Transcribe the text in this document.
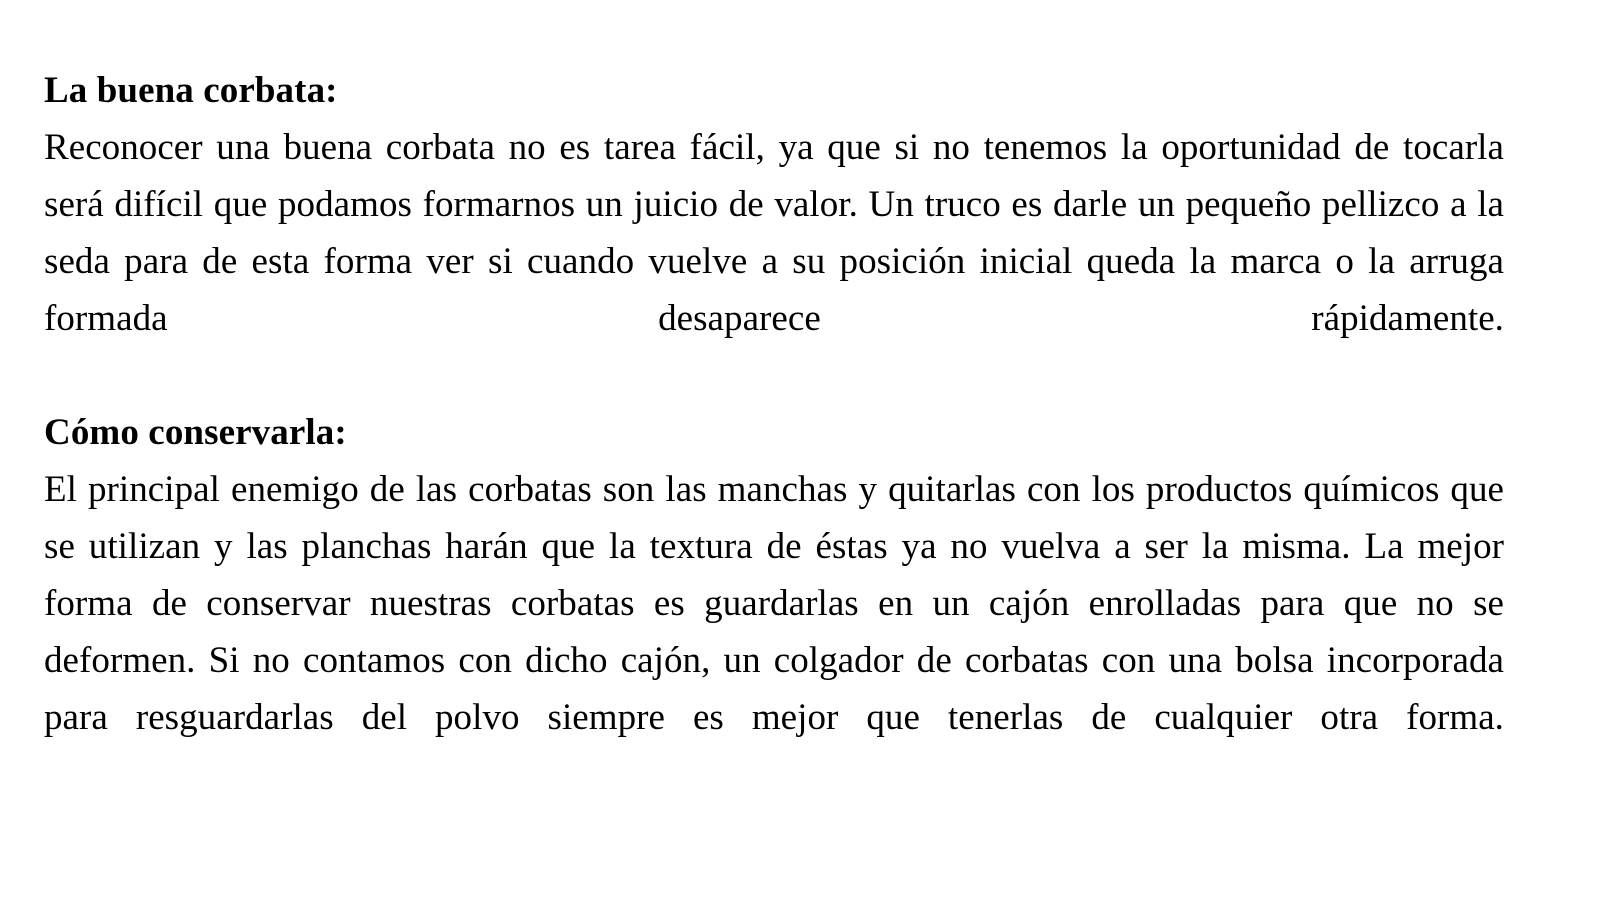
La buena corbata:

Reconocer una buena corbata no es tarea fácil, ya que si no tenemos la oportunidad de tocarla será difícil que podamos formarnos un juicio de valor. Un truco es darle un pequeño pellizco a la seda para de esta forma ver si cuando vuelve a su posición inicial queda la marca o la arruga formada desaparece rápidamente.

Cómo conservarla:

El principal enemigo de las corbatas son las manchas y quitarlas con los productos químicos que se utilizan y las planchas harán que la textura de éstas ya no vuelva a ser la misma. La mejor forma de conservar nuestras corbatas es guardarlas en un cajón enrolladas para que no se deformen. Si no contamos con dicho cajón, un colgador de corbatas con una bolsa incorporada para resguardarlas del polvo siempre es mejor que tenerlas de cualquier otra forma.
